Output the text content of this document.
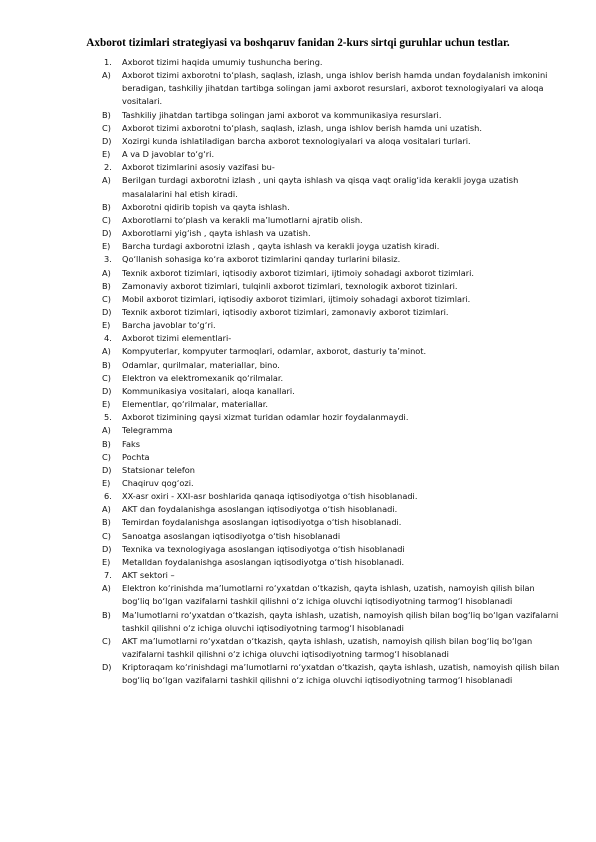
Axborot tizimlari strategiyasi va boshqaruv fanidan 2-kurs sirtqi guruhlar uchun testlar.
1. Axborot tizimi haqida umumiy tushuncha bering.
A) Axborot tizimi axborotni to‘plash, saqlash, izlash, unga ishlov berish hamda undan foydalanish imkonini beradigan, tashkiliy jihatdan tartibga solingan jami axborot resurslari, axborot texnologiyalari va aloqa vositalari.
B) Tashkiliy jihatdan tartibga solingan jami axborot va kommunikasiya resurslari.
C) Axborot tizimi axborotni to‘plash, saqlash, izlash, unga ishlov berish hamda uni uzatish.
D) Xozirgi kunda ishlatiladigan barcha axborot texnologiyalari va aloqa vositalari turlari.
E) A va D javoblar to‘g‘ri.
2. Axborot tizimlarini asosiy vazifasi bu-
A) Berilgan turdagi axborotni izlash , uni qayta ishlash va qisqa vaqt oralig‘ida kerakli joyga uzatish masalalarini hal etish kiradi.
B) Axborotni qidirib topish va qayta ishlash.
C) Axborotlarni to‘plash va kerakli ma’lumotlarni ajratib olish.
D) Axborotlarni yig‘ish , qayta ishlash va uzatish.
E) Barcha turdagi axborotni izlash , qayta ishlash va kerakli joyga uzatish kiradi.
3. Qo‘llanish sohasiga ko‘ra axborot tizimlarini qanday turlarini bilasiz.
A) Texnik axborot tizimlari, iqtisodiy axborot tizimlari, ijtimoiy sohadagi axborot tizimlari.
B) Zamonaviy axborot tizimlari, tulqinli axborot tizimlari, texnologik axborot tizinlari.
C) Mobil axborot tizimlari, iqtisodiy axborot tizimlari, ijtimoiy sohadagi axborot tizimlari.
D) Texnik axborot tizimlari, iqtisodiy axborot tizimlari, zamonaviy axborot tizimlari.
E) Barcha javoblar to‘g‘ri.
4. Axborot tizimi elementlari-
A) Kompyuterlar, kompyuter tarmoqlari, odamlar, axborot, dasturiy ta’minot.
B) Odamlar, qurilmalar, materiallar, bino.
C) Elektron va elektromexanik qo‘rilmalar.
D) Kommunikasiya vositalari, aloqa kanallari.
E) Elementlar, qo‘rilmalar, materiallar.
5. Axborot tizimining qaysi xizmat turidan odamlar hozir foydalanmaydi.
A) Telegramma
B) Faks
C) Pochta
D) Statsionar telefon
E) Chaqiruv qog‘ozi.
6. XX-asr oxiri - XXI-asr boshlarida qanaqa iqtisodiyotga o‘tish hisoblanadi.
A) AKT dan foydalanishga asoslangan iqtisodiyotga o‘tish hisoblanadi.
B) Temirdan foydalanishga asoslangan iqtisodiyotga o‘tish hisoblanadi.
C) Sanoatga asoslangan iqtisodiyotga o‘tish hisoblanadi
D) Texnika va texnologiyaga asoslangan iqtisodiyotga o‘tish hisoblanadi
E) Metalldan foydalanishga asoslangan iqtisodiyotga o‘tish hisoblanadi.
7. AKT sektori –
A) Elektron ko‘rinishda ma’lumotlarni ro‘yxatdan o‘tkazish, qayta ishlash, uzatish, namoyish qilish bilan bog‘liq bo‘lgan vazifalarni tashkil qilishni o‘z ichiga oluvchi iqtisodiyotning tarmog‘I hisoblanadi
B) Ma’lumotlarni ro‘yxatdan o‘tkazish, qayta ishlash, uzatish, namoyish qilish bilan bog‘liq bo‘lgan vazifalarni tashkil qilishni o‘z ichiga oluvchi iqtisodiyotning tarmog‘I hisoblanadi
C) AKT ma’lumotlarni ro‘yxatdan o‘tkazish, qayta ishlash, uzatish, namoyish qilish bilan bog‘liq bo‘lgan vazifalarni tashkil qilishni o‘z ichiga oluvchi iqtisodiyotning tarmog‘I hisoblanadi
D) Kriptoraqam ko‘rinishdagi ma’lumotlarni ro‘yxatdan o‘tkazish, qayta ishlash, uzatish, namoyish qilish bilan bog‘liq bo‘lgan vazifalarni tashkil qilishni o‘z ichiga oluvchi iqtisodiyotning tarmog‘I hisoblanadi
